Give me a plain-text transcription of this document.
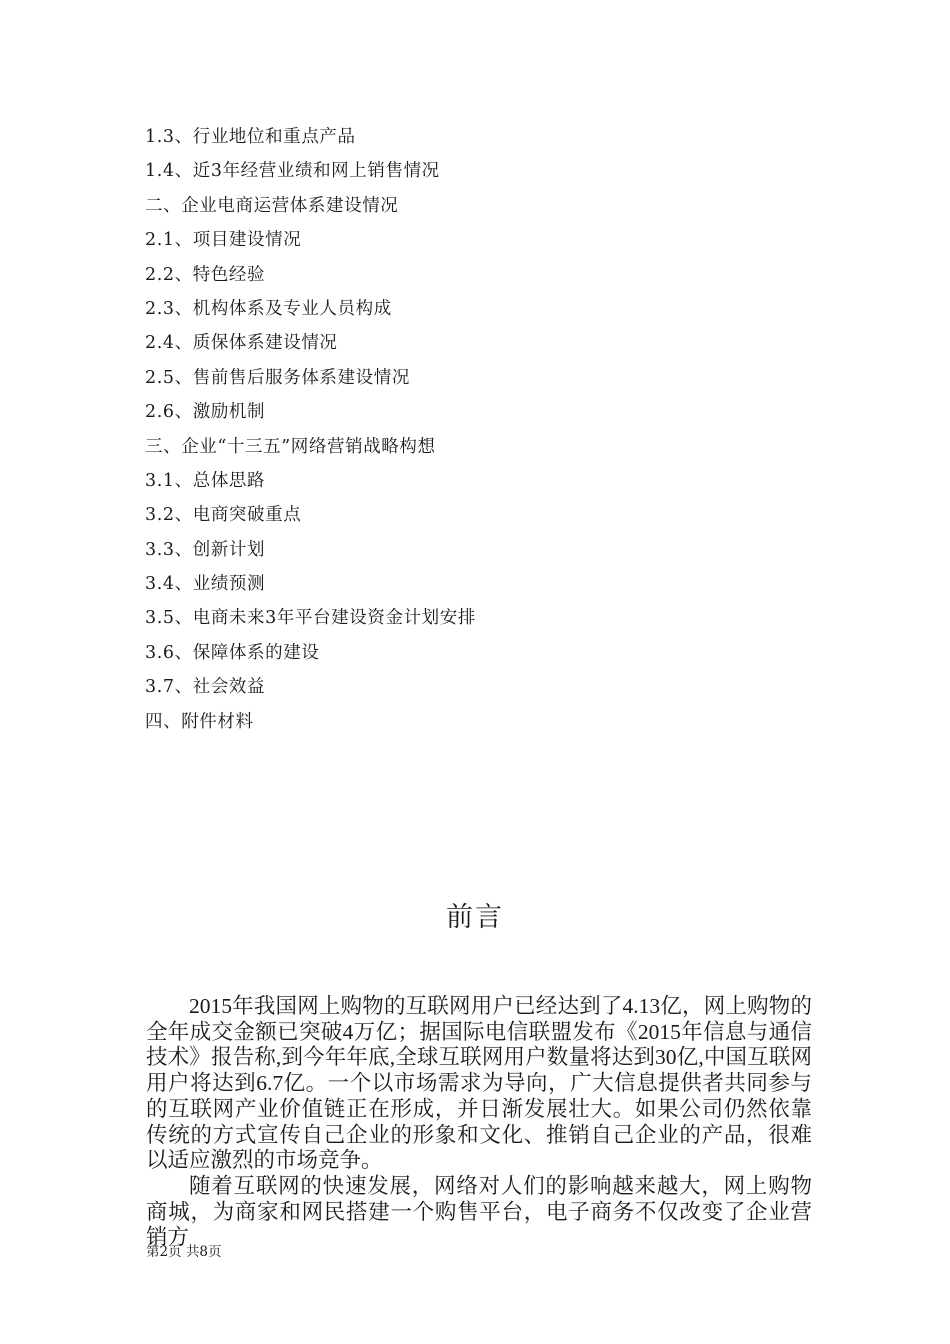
1.3、行业地位和重点产品
1.4、近3年经营业绩和网上销售情况
二、企业电商运营体系建设情况
2.1、项目建设情况
2.2、特色经验
2.3、机构体系及专业人员构成
2.4、质保体系建设情况
2.5、售前售后服务体系建设情况
2.6、激励机制
三、企业“十三五”网络营销战略构想
3.1、总体思路
3.2、电商突破重点
3.3、创新计划
3.4、业绩预测
3.5、电商未来3年平台建设资金计划安排
3.6、保障体系的建设
3.7、社会效益
四、附件材料
前言

2015年我国网上购物的互联网用户已经达到了4.13亿，网上购物的全年成交金额已突破4万亿；据国际电信联盟发布《2015年信息与通信技术》报告称,到今年年底,全球互联网用户数量将达到30亿,中国互联网用户将达到6.7亿。一个以市场需求为导向，广大信息提供者共同参与的互联网产业价值链正在形成，并日渐发展壮大。如果公司仍然依靠传统的方式宣传自己企业的形象和文化、推销自己企业的产品，很难以适应激烈的市场竞争。

随着互联网的快速发展，网络对人们的影响越来越大，网上购物商城，为商家和网民搭建一个购售平台，电子商务不仅改变了企业营销方

第2页 共8页
